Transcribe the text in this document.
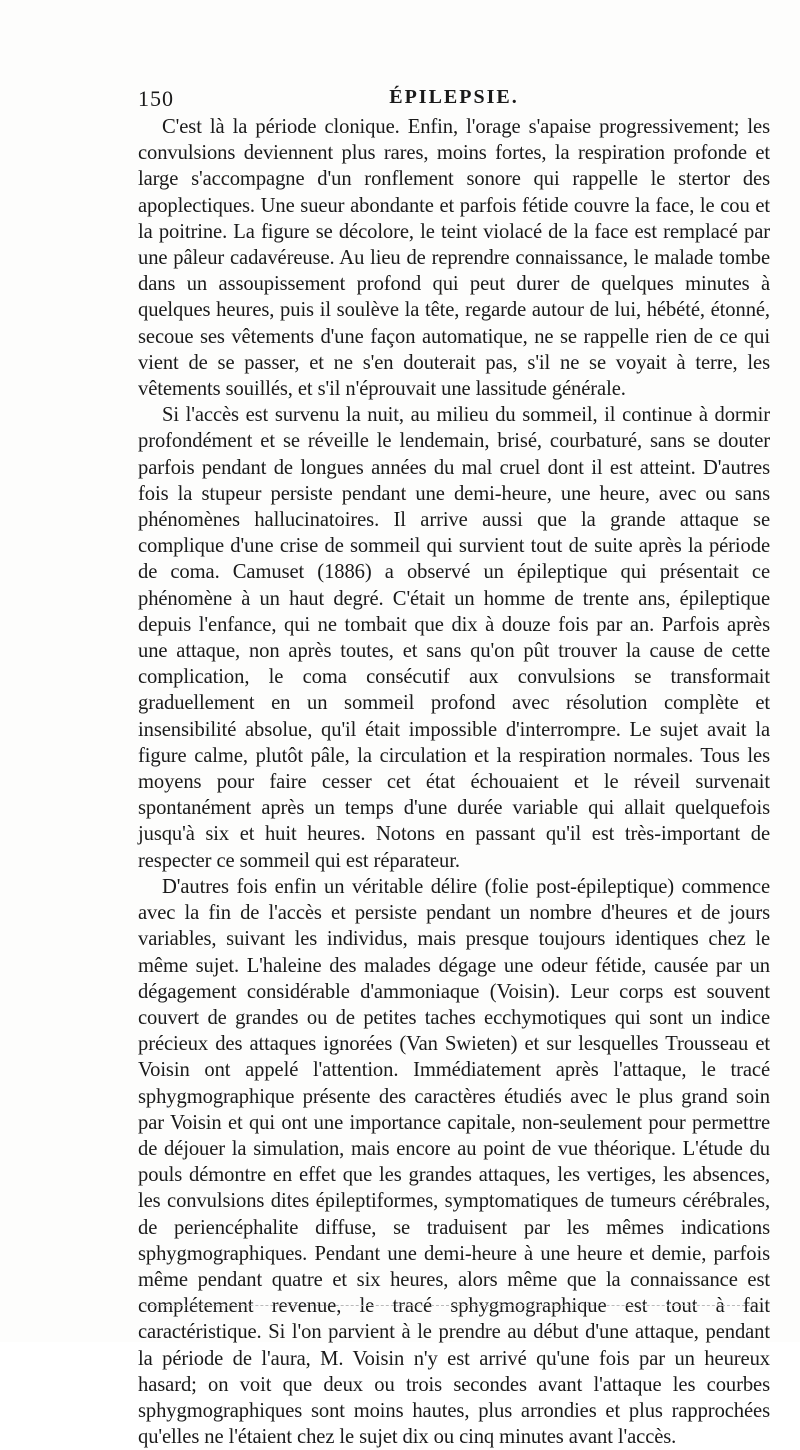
150	ÉPILEPSIE.

C'est là la période clonique. Enfin, l'orage s'apaise progressivement; les convulsions deviennent plus rares, moins fortes, la respiration profonde et large s'accompagne d'un ronflement sonore qui rappelle le stertor des apoplectiques. Une sueur abondante et parfois fétide couvre la face, le cou et la poitrine. La figure se décolore, le teint violacé de la face est remplacé par une pâleur cadavéreuse. Au lieu de reprendre connaissance, le malade tombe dans un assoupissement profond qui peut durer de quelques minutes à quelques heures, puis il soulève la tête, regarde autour de lui, hébété, étonné, secoue ses vêtements d'une façon automatique, ne se rappelle rien de ce qui vient de se passer, et ne s'en douterait pas, s'il ne se voyait à terre, les vêtements souillés, et s'il n'éprouvait une lassitude générale.

Si l'accès est survenu la nuit, au milieu du sommeil, il continue à dormir profondément et se réveille le lendemain, brisé, courbaturé, sans se douter parfois pendant de longues années du mal cruel dont il est atteint. D'autres fois la stupeur persiste pendant une demi-heure, une heure, avec ou sans phénomènes hallucinatoires. Il arrive aussi que la grande attaque se complique d'une crise de sommeil qui survient tout de suite après la période de coma. Camuset (1886) a observé un épileptique qui présentait ce phénomène à un haut degré. C'était un homme de trente ans, épileptique depuis l'enfance, qui ne tombait que dix à douze fois par an. Parfois après une attaque, non après toutes, et sans qu'on pût trouver la cause de cette complication, le coma consécutif aux convulsions se transformait graduellement en un sommeil profond avec résolution complète et insensibilité absolue, qu'il était impossible d'interrompre. Le sujet avait la figure calme, plutôt pâle, la circulation et la respiration normales. Tous les moyens pour faire cesser cet état échouaient et le réveil survenait spontanément après un temps d'une durée variable qui allait quelquefois jusqu'à six et huit heures. Notons en passant qu'il est très-important de respecter ce sommeil qui est réparateur.

D'autres fois enfin un véritable délire (folie post-épileptique) commence avec la fin de l'accès et persiste pendant un nombre d'heures et de jours variables, suivant les individus, mais presque toujours identiques chez le même sujet. L'haleine des malades dégage une odeur fétide, causée par un dégagement considérable d'ammoniaque (Voisin). Leur corps est souvent couvert de grandes ou de petites taches ecchymotiques qui sont un indice précieux des attaques ignorées (Van Swieten) et sur lesquelles Trousseau et Voisin ont appelé l'attention. Immédiatement après l'attaque, le tracé sphygmographique présente des caractères étudiés avec le plus grand soin par Voisin et qui ont une importance capitale, non-seulement pour permettre de déjouer la simulation, mais encore au point de vue théorique. L'étude du pouls démontre en effet que les grandes attaques, les vertiges, les absences, les convulsions dites épileptiformes, symptomatiques de tumeurs cérébrales, de periencéphalite diffuse, se traduisent par les mêmes indications sphygmographiques. Pendant une demi-heure à une heure et demie, parfois même pendant quatre et six heures, alors même que la connaissance est complétement revenue, le tracé sphygmographique est tout à fait caractéristique. Si l'on parvient à le prendre au début d'une attaque, pendant la période de l'aura, M. Voisin n'y est arrivé qu'une fois par un heureux hasard; on voit que deux ou trois secondes avant l'attaque les courbes sphygmographiques sont moins hautes, plus arrondies et plus rapprochées qu'elles ne l'étaient chez le sujet dix ou cinq minutes avant l'accès.
